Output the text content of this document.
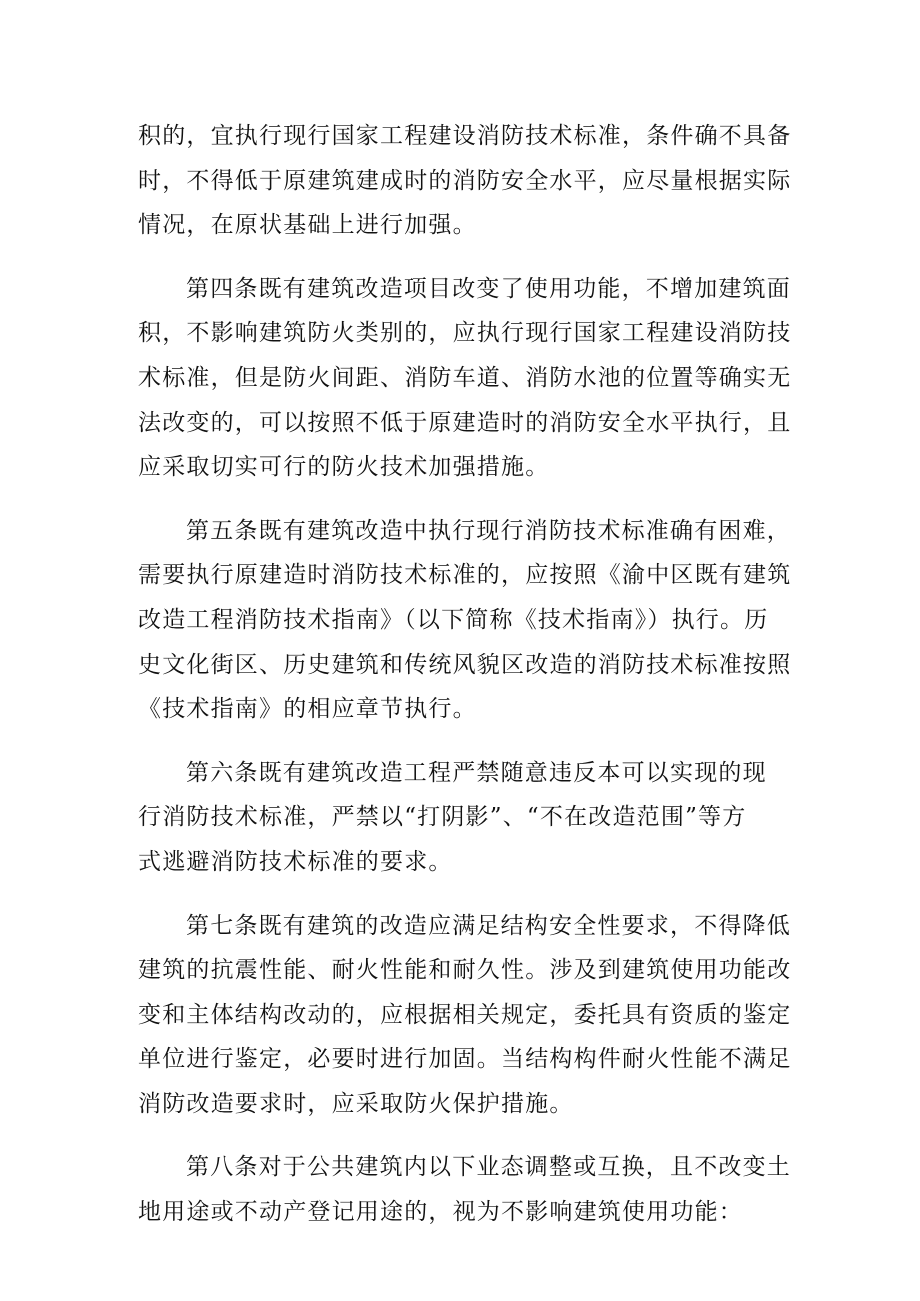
积的，宜执行现行国家工程建设消防技术标准，条件确不具备
时，不得低于原建筑建成时的消防安全水平，应尽量根据实际
情况，在原状基础上进行加强。
第四条既有建筑改造项目改变了使用功能，不增加建筑面
积，不影响建筑防火类别的，应执行现行国家工程建设消防技
术标准，但是防火间距、消防车道、消防水池的位置等确实无
法改变的，可以按照不低于原建造时的消防安全水平执行，且
应采取切实可行的防火技术加强措施。
第五条既有建筑改造中执行现行消防技术标准确有困难，
需要执行原建造时消防技术标准的，应按照《渝中区既有建筑
改造工程消防技术指南》（以下简称《技术指南》）执行。历
史文化街区、历史建筑和传统风貌区改造的消防技术标准按照
《技术指南》的相应章节执行。
第六条既有建筑改造工程严禁随意违反本可以实现的现
行消防技术标准，严禁以“打阴影”、“不在改造范围”等方
式逃避消防技术标准的要求。
第七条既有建筑的改造应满足结构安全性要求，不得降低
建筑的抗震性能、耐火性能和耐久性。涉及到建筑使用功能改
变和主体结构改动的，应根据相关规定，委托具有资质的鉴定
单位进行鉴定，必要时进行加固。当结构构件耐火性能不满足
消防改造要求时，应采取防火保护措施。
第八条对于公共建筑内以下业态调整或互换，且不改变土
地用途或不动产登记用途的，视为不影响建筑使用功能：
